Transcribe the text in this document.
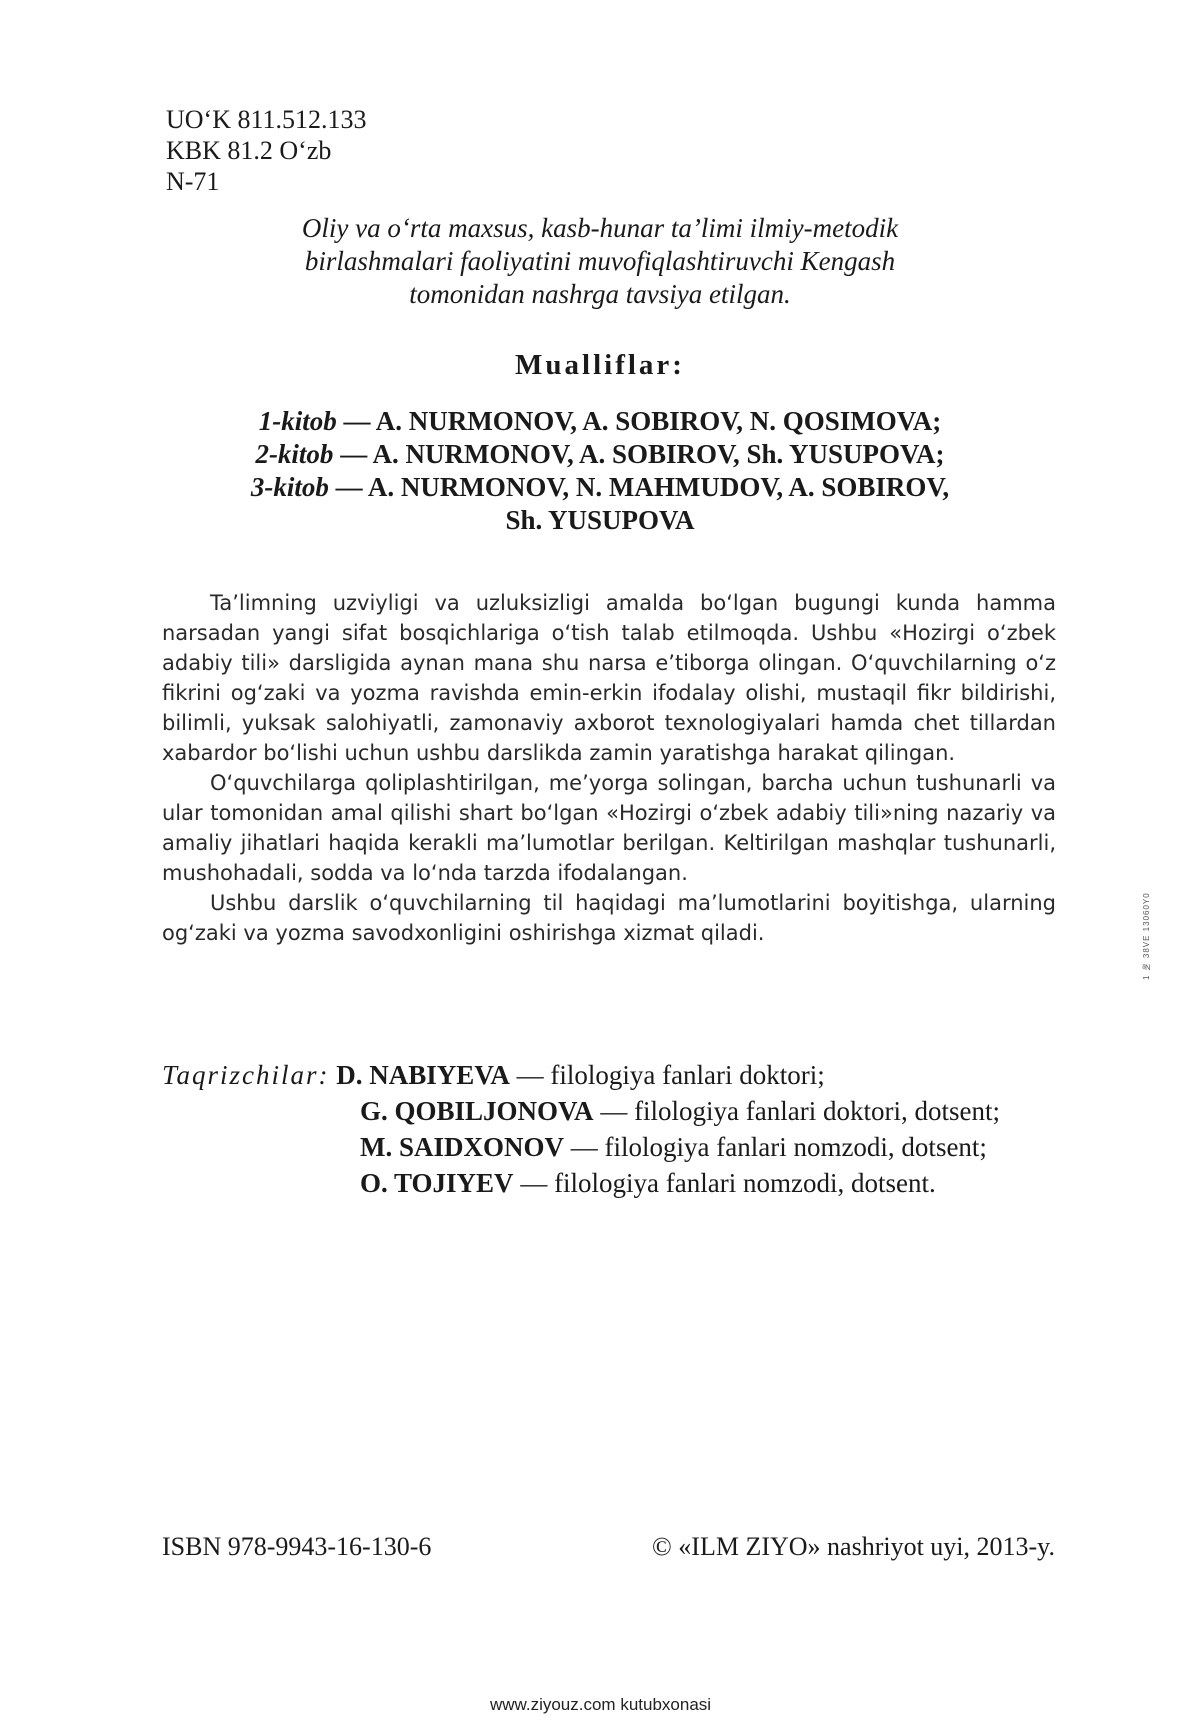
UO‘K 811.512.133
KBK 81.2 O‘zb
N-71
Oliy va o‘rta maxsus, kasb-hunar ta’limi ilmiy-metodik
birlashmalari faoliyatini muvofiqlashtiruvchi Kengash
tomonidan nashrga tavsiya etilgan.
Mualliflar:
1-kitob — A. NURMONOV, A. SOBIROV, N. QOSIMOVA;
2-kitob — A. NURMONOV, A. SOBIROV, Sh. YUSUPOVA;
3-kitob — A. NURMONOV, N. MAHMUDOV, A. SOBIROV,
Sh. YUSUPOVA

Ta’limning uzviyligi va uzluksizligi amalda bo‘lgan bugungi kunda hamma narsadan yangi sifat bosqichlariga o‘tish talab etilmoqda. Ushbu «Hozirgi o‘zbek adabiy tili» darsligida aynan mana shu narsa e’tiborga olingan. O‘quvchilarning o‘z fikrini og‘zaki va yozma ravishda emin-erkin ifodalay olishi, mustaqil fikr bildirishi, bilimli, yuksak salohiyatli, zamonaviy axborot texnologiyalari hamda chet tillardan xabardor bo‘lishi uchun ushbu darslikda zamin yaratishga harakat qilingan.

O‘quvchilarga qoliplashtirilgan, me’yorga solingan, barcha uchun tushunarli va ular tomonidan amal qilishi shart bo‘lgan «Hozirgi o‘zbek adabiy tili»ning nazariy va amaliy jihatlari haqida kerakli ma’lumotlar berilgan. Keltirilgan mashqlar tushunarli, mushohadali, sodda va lo‘nda tarzda ifodalangan.

Ushbu darslik o‘quvchilarning til haqidagi ma’lumotlarini boyitishga, ularning og‘zaki va yozma savodxonligini oshirishga xizmat qiladi.

Taqrizchilar: D. NABIYEVA — filologiya fanlari doktori;
G. QOBILJONOVA — filologiya fanlari doktori, dotsent;
M. SAIDXONOV — filologiya fanlari nomzodi, dotsent;
O. TOJIYEV — filologiya fanlari nomzodi, dotsent.
1 № 38VE 13060Y0
ISBN 978-9943-16-130-6	© «ILM ZIYO» nashriyot uyi, 2013-y.
www.ziyouz.com kutubxonasi
